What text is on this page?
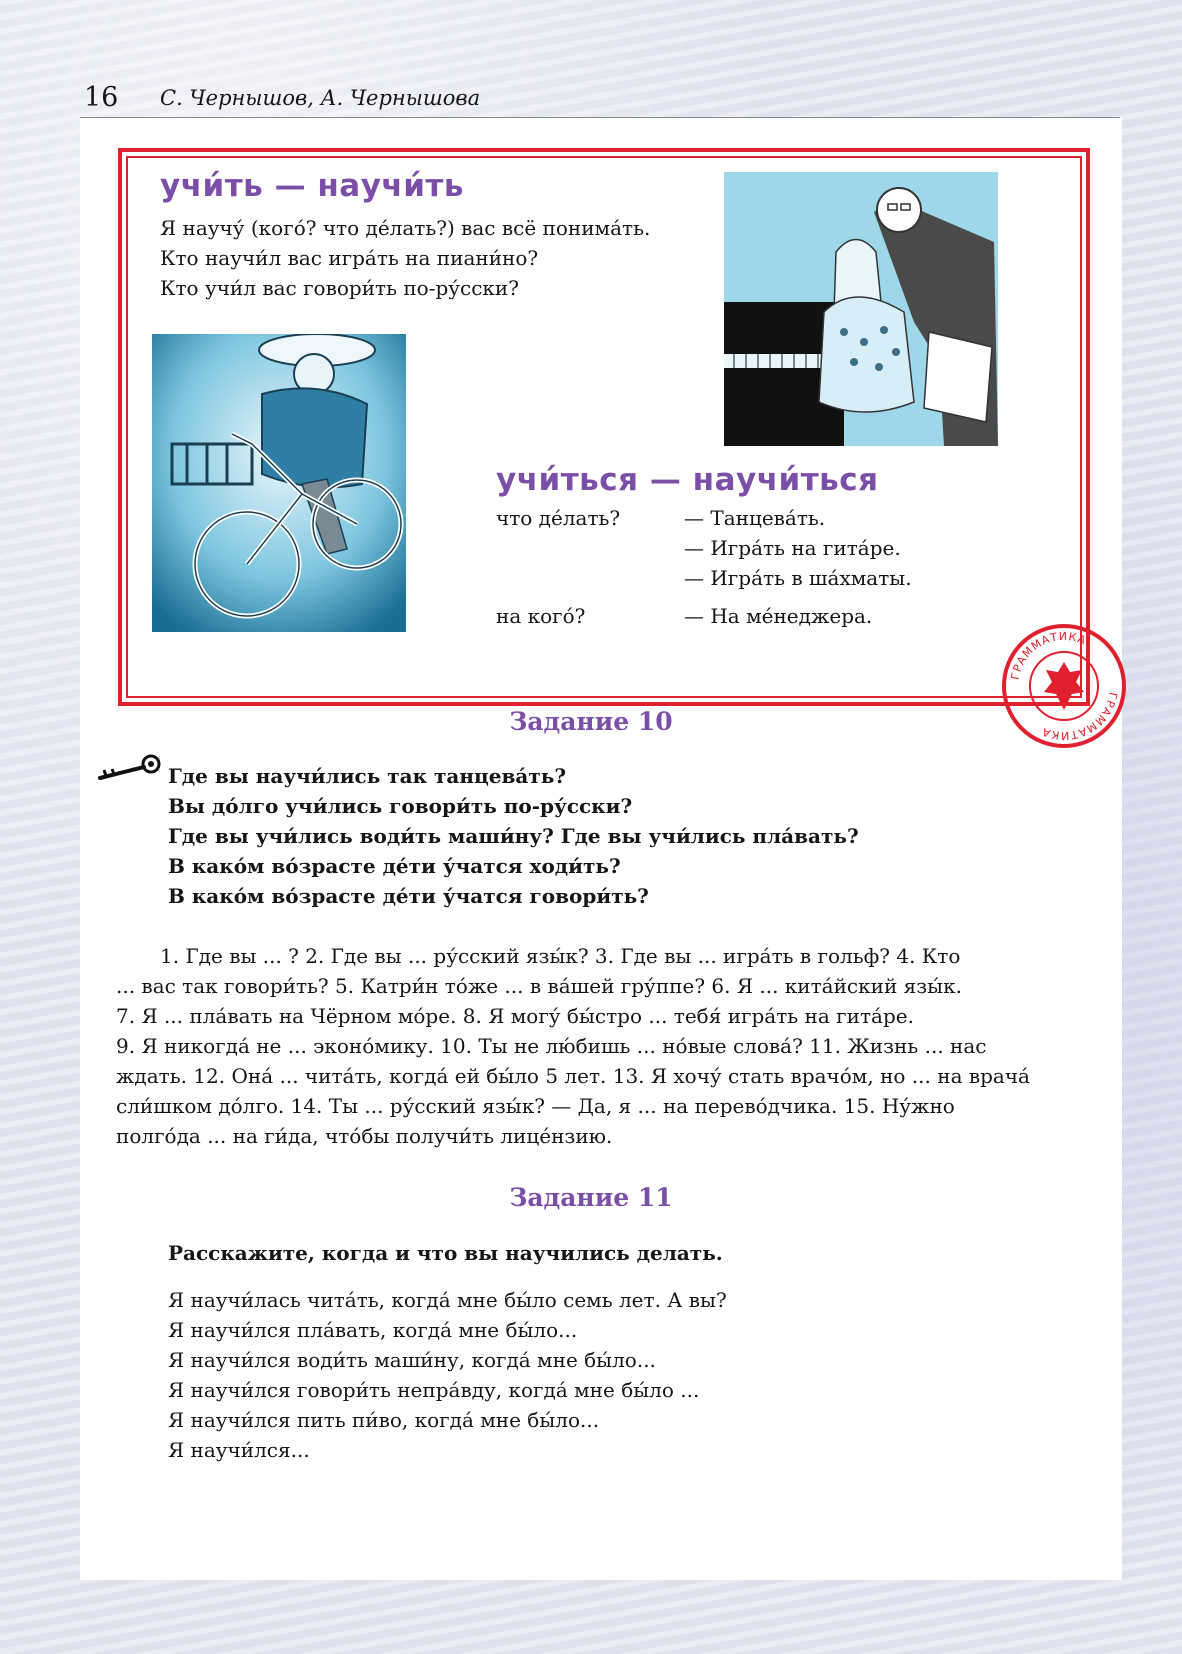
16 С. Чернышов, А. Чернышова
учи́ть — научи́ть
Я научу́ (кого́? что де́лать?) вас всё понима́ть.
Кто научи́л вас игра́ть на пиани́но?
Кто учи́л вас говори́ть по-ру́сски?
учи́ться — научи́ться
что де́лать?	— Танцева́ть.
— Игра́ть на гита́ре.
— Игра́ть в ша́хматы.
на кого́?	— На ме́неджера.
ГРАММАТИКА
ГРАММАТИКА
Задание 10
Где вы научи́лись так танцева́ть?
Вы до́лго учи́лись говори́ть по-ру́сски?
Где вы учи́лись води́ть маши́ну? Где вы учи́лись пла́вать?
В како́м во́зрасте де́ти у́чатся ходи́ть?
В како́м во́зрасте де́ти у́чатся говори́ть?
1. Где вы ... ? 2. Где вы ... ру́сский язы́к? 3. Где вы ... игра́ть в гольф? 4. Кто
... вас так говори́ть? 5. Катри́н то́же ... в ва́шей гру́ппе? 6. Я ... кита́йский язы́к.
7. Я ... пла́вать на Чёрном мо́ре. 8. Я могу́ бы́стро ... тебя́ игра́ть на гита́ре.
9. Я никогда́ не ... эконо́мику. 10. Ты не лю́бишь ... но́вые слова́? 11. Жизнь ... нас
ждать. 12. Она́ ... чита́ть, когда́ ей бы́ло 5 лет. 13. Я хочу́ стать врачо́м, но ... на врача́
сли́шком до́лго. 14. Ты ... ру́сский язы́к? — Да, я ... на перево́дчика. 15. Ну́жно
полго́да ... на ги́да, что́бы получи́ть лице́нзию.
Задание 11
Расскажите, когда и что вы научились делать.
Я научи́лась чита́ть, когда́ мне бы́ло семь лет. А вы?
Я научи́лся пла́вать, когда́ мне бы́ло...
Я научи́лся води́ть маши́ну, когда́ мне бы́ло...
Я научи́лся говори́ть непра́вду, когда́ мне бы́ло ...
Я научи́лся пить пи́во, когда́ мне бы́ло...
Я научи́лся...
